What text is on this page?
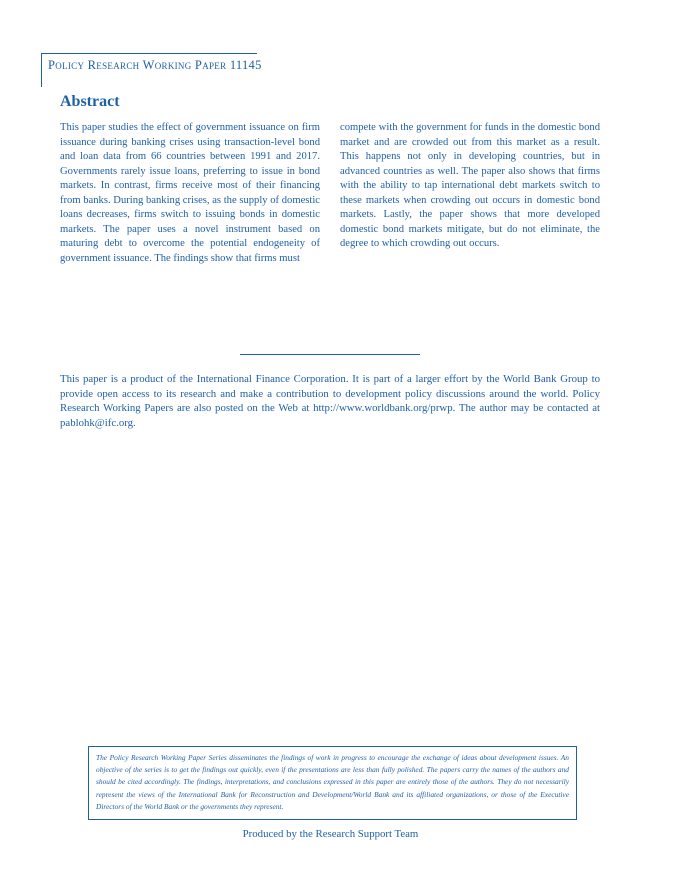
Policy Research Working Paper 11145
Abstract

This paper studies the effect of government issuance on firm issuance during banking crises using transaction-level bond and loan data from 66 countries between 1991 and 2017. Governments rarely issue loans, preferring to issue in bond markets. In contrast, firms receive most of their financing from banks. During banking crises, as the supply of domestic loans decreases, firms switch to issuing bonds in domestic markets. The paper uses a novel instrument based on maturing debt to overcome the potential endogeneity of government issuance. The findings show that firms must

compete with the government for funds in the domestic bond market and are crowded out from this market as a result. This happens not only in developing countries, but in advanced countries as well. The paper also shows that firms with the ability to tap international debt markets switch to these markets when crowding out occurs in domestic bond markets. Lastly, the paper shows that more developed domestic bond markets mitigate, but do not eliminate, the degree to which crowding out occurs.

This paper is a product of the International Finance Corporation. It is part of a larger effort by the World Bank Group to provide open access to its research and make a contribution to development policy discussions around the world. Policy Research Working Papers are also posted on the Web at http://www.worldbank.org/prwp. The author may be contacted at pablohk@ifc.org.

The Policy Research Working Paper Series disseminates the findings of work in progress to encourage the exchange of ideas about development issues. An objective of the series is to get the findings out quickly, even if the presentations are less than fully polished. The papers carry the names of the authors and should be cited accordingly. The findings, interpretations, and conclusions expressed in this paper are entirely those of the authors. They do not necessarily represent the views of the International Bank for Reconstruction and Development/World Bank and its affiliated organizations, or those of the Executive Directors of the World Bank or the governments they represent.

Produced by the Research Support Team
